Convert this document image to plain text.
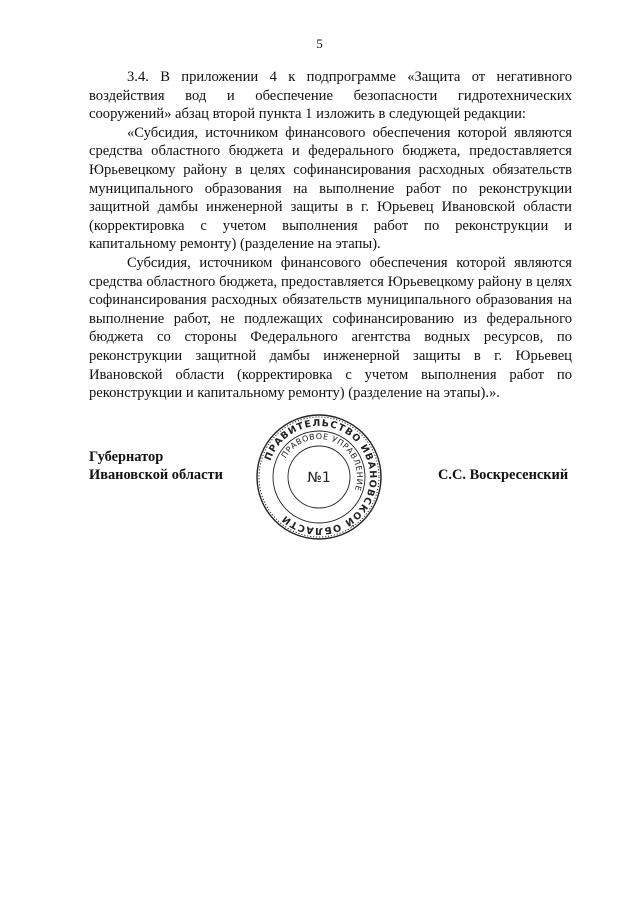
5

3.4. В приложении 4 к подпрограмме «Защита от негативного воздействия вод и обеспечение безопасности гидротехнических сооружений» абзац второй пункта 1 изложить в следующей редакции:

«Субсидия, источником финансового обеспечения которой являются средства областного бюджета и федерального бюджета, предоставляется Юрьевецкому району в целях софинансирования расходных обязательств муниципального образования на выполнение работ по реконструкции защитной дамбы инженерной защиты в г. Юрьевец Ивановской области (корректировка с учетом выполнения работ по реконструкции и капитальному ремонту) (разделение на этапы).

Субсидия, источником финансового обеспечения которой являются средства областного бюджета, предоставляется Юрьевецкому району в целях софинансирования расходных обязательств муниципального образования на выполнение работ, не подлежащих софинансированию из федерального бюджета со стороны Федерального агентства водных ресурсов, по реконструкции защитной дамбы инженерной защиты в г. Юрьевец Ивановской области (корректировка с учетом выполнения работ по реконструкции и капитальному ремонту) (разделение на этапы).».

Губернатор
Ивановской области	С.С. Воскресенский
ПРАВИТЕЛЬСТВО ИВАНОВСКОЙ ОБЛАСТИ
ПРАВОВОЕ УПРАВЛЕНИЕ
№1
